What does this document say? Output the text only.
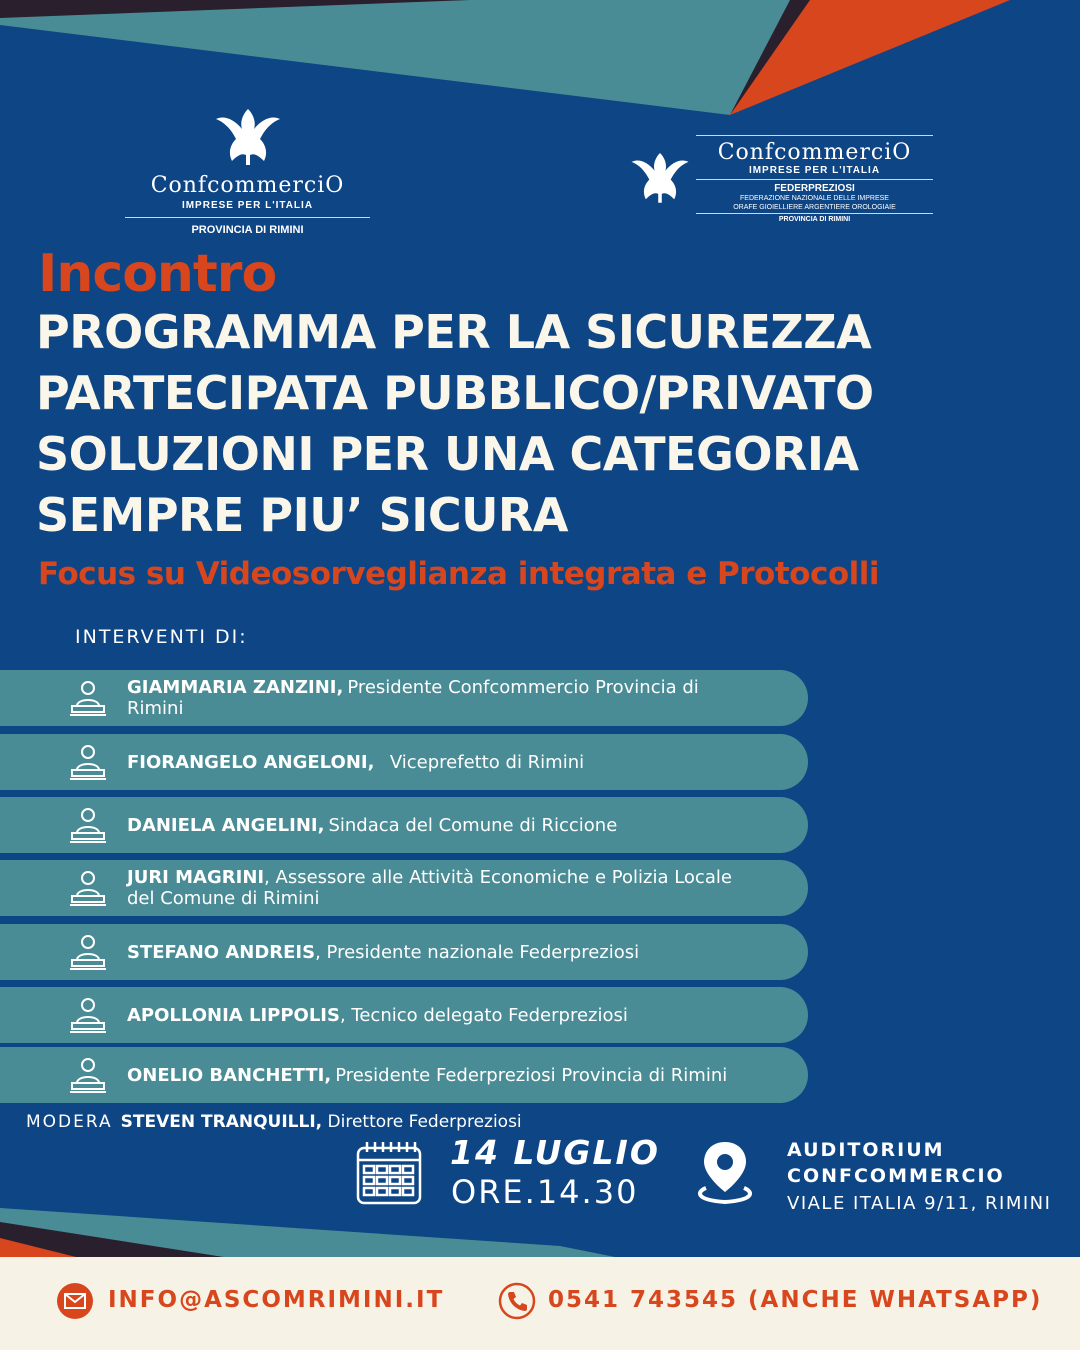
ConfcommerciO
IMPRESE PER L'ITALIA
PROVINCIA DI RIMINI
ConfcommerciO
IMPRESE PER L'ITALIA
FEDERPREZIOSI
FEDERAZIONE NAZIONALE DELLE IMPRESE
ORAFE GIOIELLIERE ARGENTIERE OROLOGIAIE
PROVINCIA DI RIMINI
Incontro
PROGRAMMA PER LA SICUREZZA
PARTECIPATA PUBBLICO/PRIVATO
SOLUZIONI PER UNA CATEGORIA
SEMPRE PIU’ SICURA
Focus su Videosorveglianza integrata e Protocolli
INTERVENTI DI:
GIAMMARIA ZANZINI, Presidente Confcommercio Provincia di Rimini
FIORANGELO ANGELONI,  Viceprefetto di Rimini
DANIELA ANGELINI, Sindaca del Comune di Riccione
JURI MAGRINI, Assessore alle Attività Economiche e Polizia Locale del Comune di Rimini
STEFANO ANDREIS, Presidente nazionale Federpreziosi
APOLLONIA LIPPOLIS, Tecnico delegato Federpreziosi
ONELIO BANCHETTI, Presidente Federpreziosi Provincia di Rimini
MODERA STEVEN TRANQUILLI, Direttore Federpreziosi
14 LUGLIO
ORE.14.30
AUDITORIUM
CONFCOMMERCIO
VIALE ITALIA 9/11, RIMINI
INFO@ASCOMRIMINI.IT	0541 743545 (ANCHE WHATSAPP)
